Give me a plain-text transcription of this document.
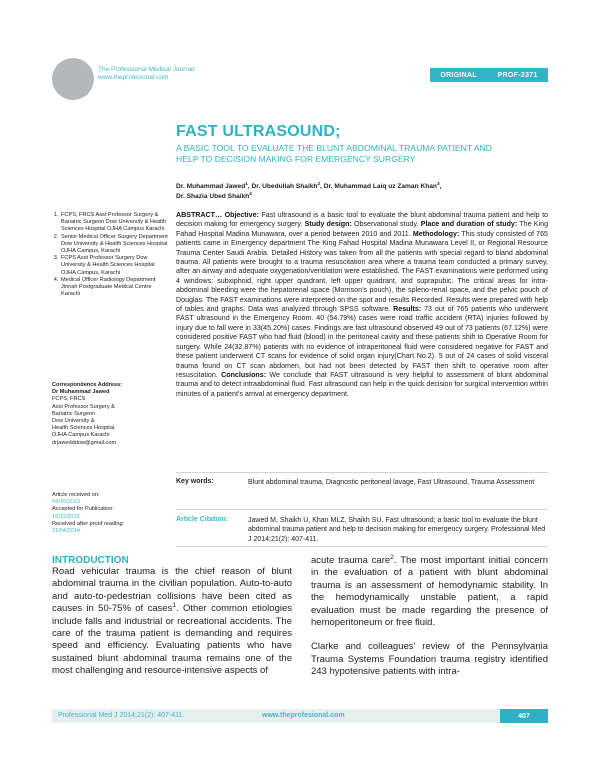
The Professional Medical Journal
www.theprofesional.com	ORIGINAL	PROF-2371
FAST ULTRASOUND;
A BASIC TOOL TO EVALUATE THE BLUNT ABDOMINAL TRAUMA PATIENT AND HELP TO DECISION MAKING FOR EMERGENCY SURGERY
Dr. Muhammad Jawed$^1$, Dr. Ubedullah Shaikh$^2$, Dr. Muhammad Laiq uz Zaman Khan$^3$,
Dr. Shazia Ubed Shaikh$^4$
1. FCPS, FRCS Asst Professor Surgery & Bariatric Surgeon Dow University & Health Sciences Hospital OJHA Campus Karachi
2. Senior Medical Officer Surgery Department Dow University & Health Sciences Hospital OJHA Campus, Karachi
3. FCPS Asst Professor Surgery Dow University & Health Sciences Hospital OJHA Campus, Karachi
4. Medical Officer Radiology Department Jinnah Postgraduate Medical Centre Karachi
Correspondence Address:
Dr Muhammad Jawed
FCPS, FRCS
Asst Professor Surgery &
Bariatric Surgeon
Dow University &
Health Sciences Hospital,
OJHA Campus Karachi
drjawedddow@gmail.com
Article received on:
04/10/2013
Accepted for Publication:
16/11/2013
Received after proof reading:
21/04/2014
ABSTRACT… Objective: Fast ultrasound is a basic tool to evaluate the blunt abdominal trauma patient and help to decision making for emergency surgery. Study design: Observational study. Place and duration of study: The King Fahad Hospital Madina Munawara, over a period between 2010 and 2011. Methodology: This study consisted of 765 patients came in Emergency department The King Fahad Hospital Madina Munawara Level II, or Regional Resource Trauma Center Saudi Arabia. Detailed History was taken from all the patients with special regard to bland abdominal trauma. All patients were brought to a trauma resuscitation area where a trauma team conducted a primary survey, after an airway and adequate oxygenation/ventilation were established. The FAST examinations were performed using 4 windows: subxiphoid, right upper quadrant, left upper quadrant, and suprapubic. The critical areas for intra-abdominal bleeding were the hepatorenal space (Morrison’s pouch), the spleno-renal space, and the pelvic pouch of Douglas. The FAST examinations were interpreted on the spot and results Recorded. Results were prepared with help of tables and graphs. Data was analyzed through SPSS software. Results: 73 out of 765 patients who underwent FAST ultrasound in the Emergency Room. 40 (54.79%) cases were road traffic accident (RTA) injuries followed by injury due to fall were in 33(45.20%) cases. Findings are fast ultrasound observed 49 out of 73 patients (67.12%) were considered positive FAST who had fluid (blood) in the peritoneal cavity and these patients shift to Operative Room for surgery. While 24(32.87%) patients with no evidence of intraperitoneal fluid were considered negative for FAST and these patient underwent CT scans for evidence of solid organ injury(Chart No.2). 5 out of 24 cases of solid visceral trauma found on CT scan abdomen, but had not been detected by FAST then shift to operative room after resuscitation. Conclusions: We conclude that FAST ultrasound is very helpful to assessment of blunt abdominal trauma and to detect intraabdominal fluid. Fast ultrasound can help in the quick decision for surgical intervention within minutes of a patient’s arrival at emergency department.
Key words:	Blunt abdominal trauma, Diagnostic peritoneal lavage, Fast Ultrasound, Trauma Assessment
Article Citation:	Jawed M, Shaikh U, Khan MLZ, Shaikh SU. Fast ultrasound; a basic tool to evaluate the blunt abdominal trauma patient and help to decision making for emergency surgery. Professional Med J 2014;21(2): 407-411.
INTRODUCTION
Road vehicular trauma is the chief reason of blunt abdominal trauma in the civilian population. Auto-to-auto and auto-to-pedestrian collisions have been cited as causes in 50-75% of cases$^1$. Other common etiologies include falls and industrial or recreational accidents. The care of the trauma patient is demanding and requires speed and efficiency. Evaluating patients who have sustained blunt abdominal trauma remains one of the most challenging and resource-intensive aspects of

acute trauma care$^2$. The most important initial concern in the evaluation of a patient with blunt abdominal trauma is an assessment of hemodynamic stability. In the hemodynamically unstable patient, a rapid evaluation must be made regarding the presence of hemoperitoneum or free fluid.

Clarke and colleagues' review of the Pennsylvania Trauma Systems Foundation trauma registry identified 243 hypotensive patients with intra-

Professional Med J 2014;21(2): 407-411.	www.theprofesional.com	407
